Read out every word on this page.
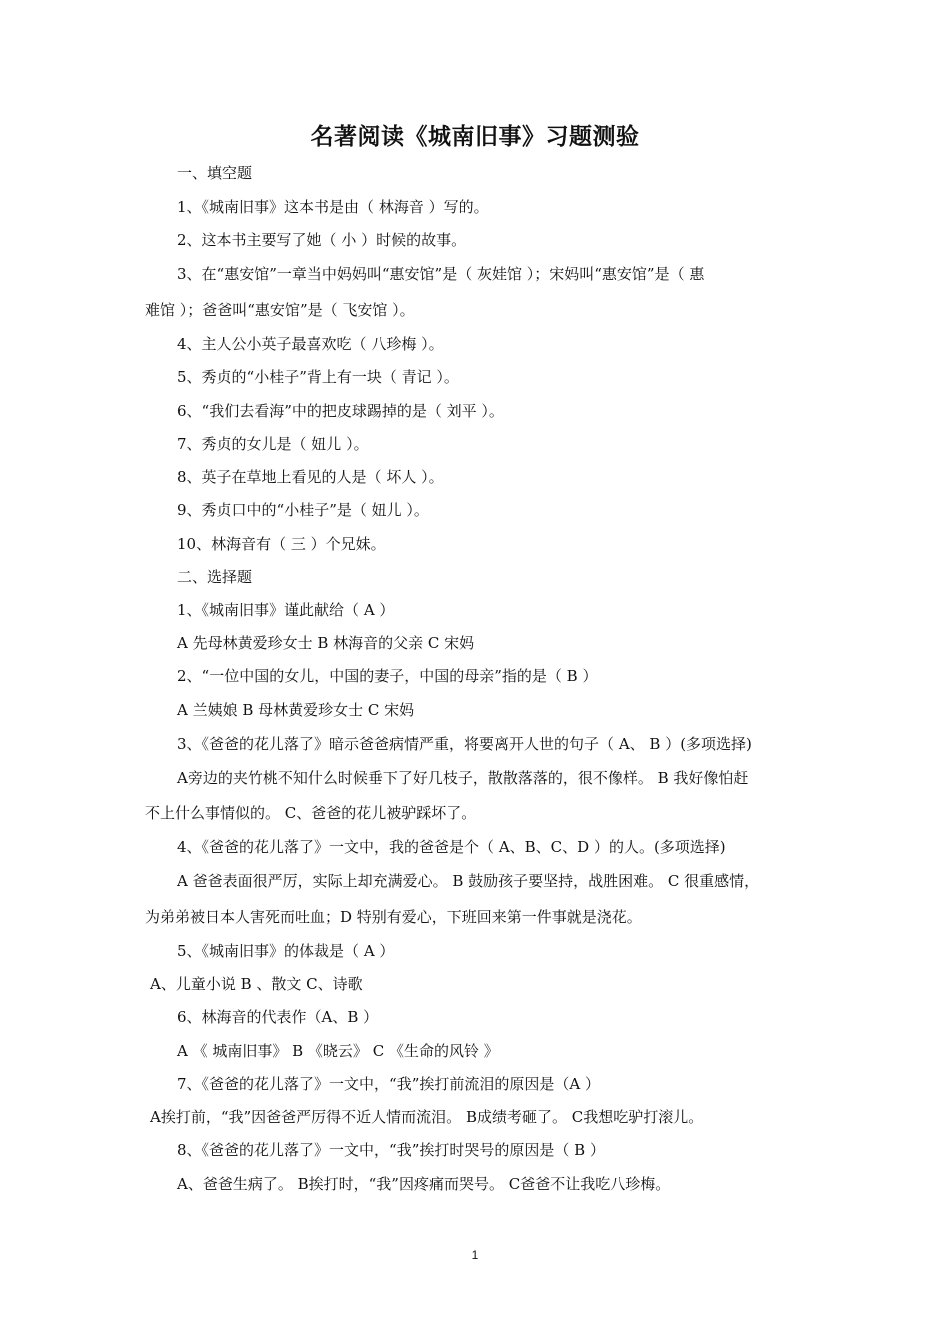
名著阅读《城南旧事》习题测验
一、填空题
1、《城南旧事》这本书是由（ 林海音 ）写的。
2、这本书主要写了她（ 小 ）时候的故事。
3、在“惠安馆”一章当中妈妈叫“惠安馆”是（ 灰娃馆 ）；宋妈叫“惠安馆”是（ 惠
难馆 ）；爸爸叫“惠安馆”是（ 飞安馆 ）。
4、主人公小英子最喜欢吃（ 八珍梅 ）。
5、秀贞的“小桂子”背上有一块（ 青记 ）。
6、“我们去看海”中的把皮球踢掉的是（ 刘平 ）。
7、秀贞的女儿是（ 妞儿 ）。
8、英子在草地上看见的人是（ 坏人 ）。
9、秀贞口中的“小桂子”是（ 妞儿 ）。
10、林海音有（ 三 ）个兄妹。
二、选择题
1、《城南旧事》谨此献给（ A ）
A 先母林黄爱珍女士 B 林海音的父亲 C 宋妈
2、“一位中国的女儿，中国的妻子，中国的母亲”指的是（ B ）
A 兰姨娘 B 母林黄爱珍女士 C 宋妈
3、《爸爸的花儿落了》暗示爸爸病情严重，将要离开人世的句子（ A、 B ）(多项选择)
A旁边的夹竹桃不知什么时候垂下了好几枝子，散散落落的，很不像样。 B 我好像怕赶
不上什么事情似的。 C、爸爸的花儿被驴踩坏了。
4、《爸爸的花儿落了》一文中，我的爸爸是个（ A、B、C、D ）的人。(多项选择)
A 爸爸表面很严厉，实际上却充满爱心。 B 鼓励孩子要坚持，战胜困难。 C 很重感情，
为弟弟被日本人害死而吐血；D 特别有爱心，下班回来第一件事就是浇花。
5、《城南旧事》的体裁是（ A ）
A、儿童小说 B 、散文 C、诗歌
6、林海音的代表作（A、B ）
A 《 城南旧事》 B 《晓云》 C 《生命的风铃 》
7、《爸爸的花儿落了》一文中，“我”挨打前流泪的原因是（A ）
A挨打前，“我”因爸爸严厉得不近人情而流泪。 B成绩考砸了。 C我想吃驴打滚儿。
8、《爸爸的花儿落了》一文中，“我”挨打时哭号的原因是（ B ）
A、爸爸生病了。 B挨打时，“我”因疼痛而哭号。 C爸爸不让我吃八珍梅。
1
